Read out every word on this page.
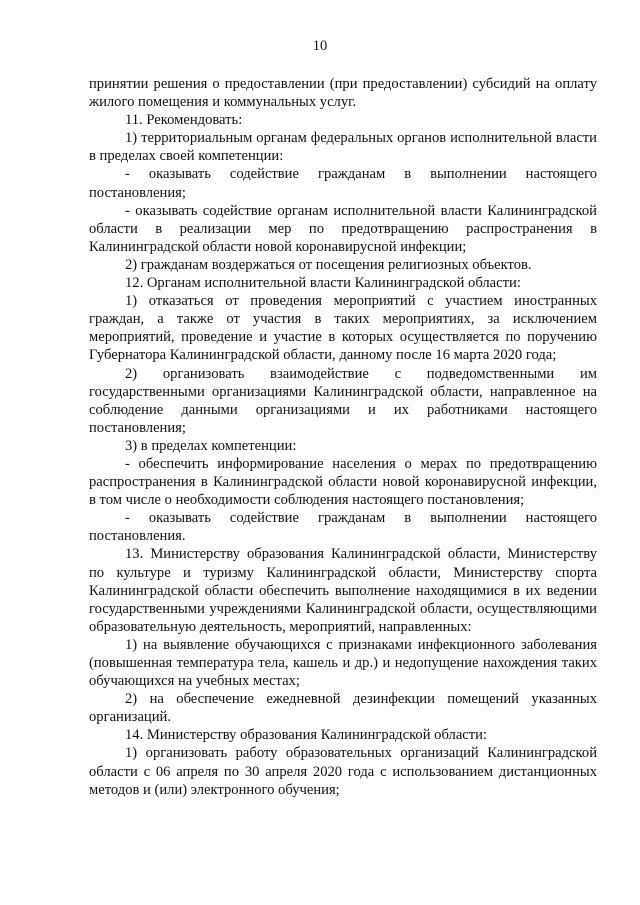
10

принятии решения о предоставлении (при предоставлении) субсидий на оплату жилого помещения и коммунальных услуг.

11. Рекомендовать:

1) территориальным органам федеральных органов исполнительной власти в пределах своей компетенции:

- оказывать содействие гражданам в выполнении настоящего постановления;

- оказывать содействие органам исполнительной власти Калининградской области в реализации мер по предотвращению распространения в Калининградской области новой коронавирусной инфекции;

2) гражданам воздержаться от посещения религиозных объектов.

12. Органам исполнительной власти Калининградской области:

1) отказаться от проведения мероприятий с участием иностранных граждан, а также от участия в таких мероприятиях, за исключением мероприятий, проведение и участие в которых осуществляется по поручению Губернатора Калининградской области, данному после 16 марта 2020 года;

2) организовать взаимодействие с подведомственными им государственными организациями Калининградской области, направленное на соблюдение данными организациями и их работниками настоящего постановления;

3) в пределах компетенции:

- обеспечить информирование населения о мерах по предотвращению распространения в Калининградской области новой коронавирусной инфекции, в том числе о необходимости соблюдения настоящего постановления;

- оказывать содействие гражданам в выполнении настоящего постановления.

13. Министерству образования Калининградской области, Министерству по культуре и туризму Калининградской области, Министерству спорта Калининградской области обеспечить выполнение находящимися в их ведении государственными учреждениями Калининградской области, осуществляющими образовательную деятельность, мероприятий, направленных:

1) на выявление обучающихся с признаками инфекционного заболевания (повышенная температура тела, кашель и др.) и недопущение нахождения таких обучающихся на учебных местах;

2) на обеспечение ежедневной дезинфекции помещений указанных организаций.

14. Министерству образования Калининградской области:

1) организовать работу образовательных организаций Калининградской области с 06 апреля по 30 апреля 2020 года с использованием дистанционных методов и (или) электронного обучения;
